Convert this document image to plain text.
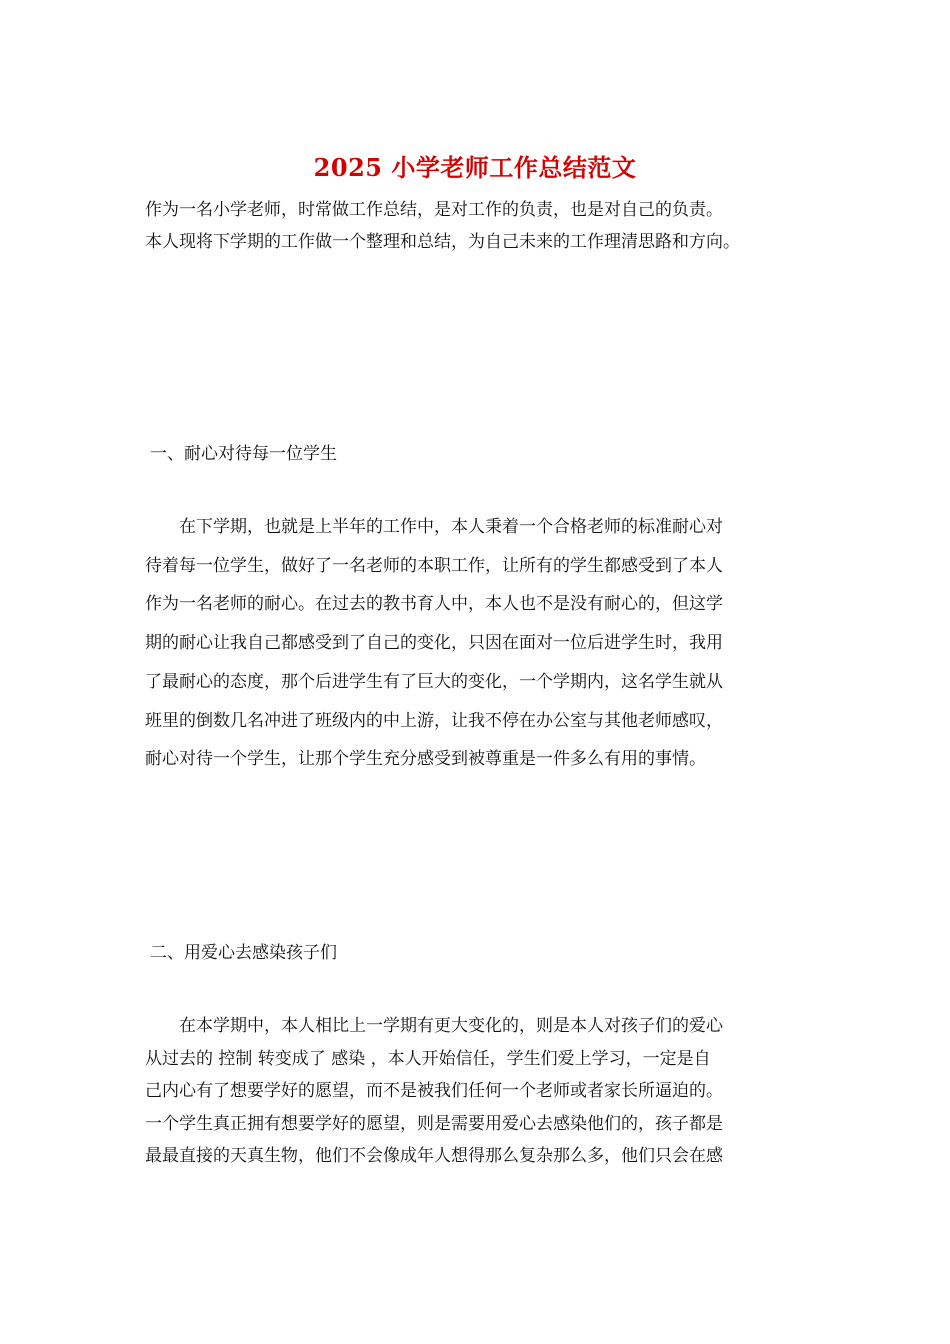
2025 小学老师工作总结范文

作为一名小学老师，时常做工作总结，是对工作的负责，也是对自己的负责。
本人现将下学期的工作做一个整理和总结，为自己未来的工作理清思路和方向。

一、耐心对待每一位学生

在下学期，也就是上半年的工作中，本人秉着一个合格老师的标准耐心对
待着每一位学生，做好了一名老师的本职工作，让所有的学生都感受到了本人
作为一名老师的耐心。在过去的教书育人中，本人也不是没有耐心的，但这学
期的耐心让我自己都感受到了自己的变化，只因在面对一位后进学生时，我用
了最耐心的态度，那个后进学生有了巨大的变化，一个学期内，这名学生就从
班里的倒数几名冲进了班级内的中上游，让我不停在办公室与其他老师感叹，
耐心对待一个学生，让那个学生充分感受到被尊重是一件多么有用的事情。

二、用爱心去感染孩子们

在本学期中，本人相比上一学期有更大变化的，则是本人对孩子们的爱心
从过去的 控制 转变成了 感染 ，本人开始信任，学生们爱上学习，一定是自
己内心有了想要学好的愿望，而不是被我们任何一个老师或者家长所逼迫的。
一个学生真正拥有想要学好的愿望，则是需要用爱心去感染他们的，孩子都是
最最直接的天真生物，他们不会像成年人想得那么复杂那么多，他们只会在感
